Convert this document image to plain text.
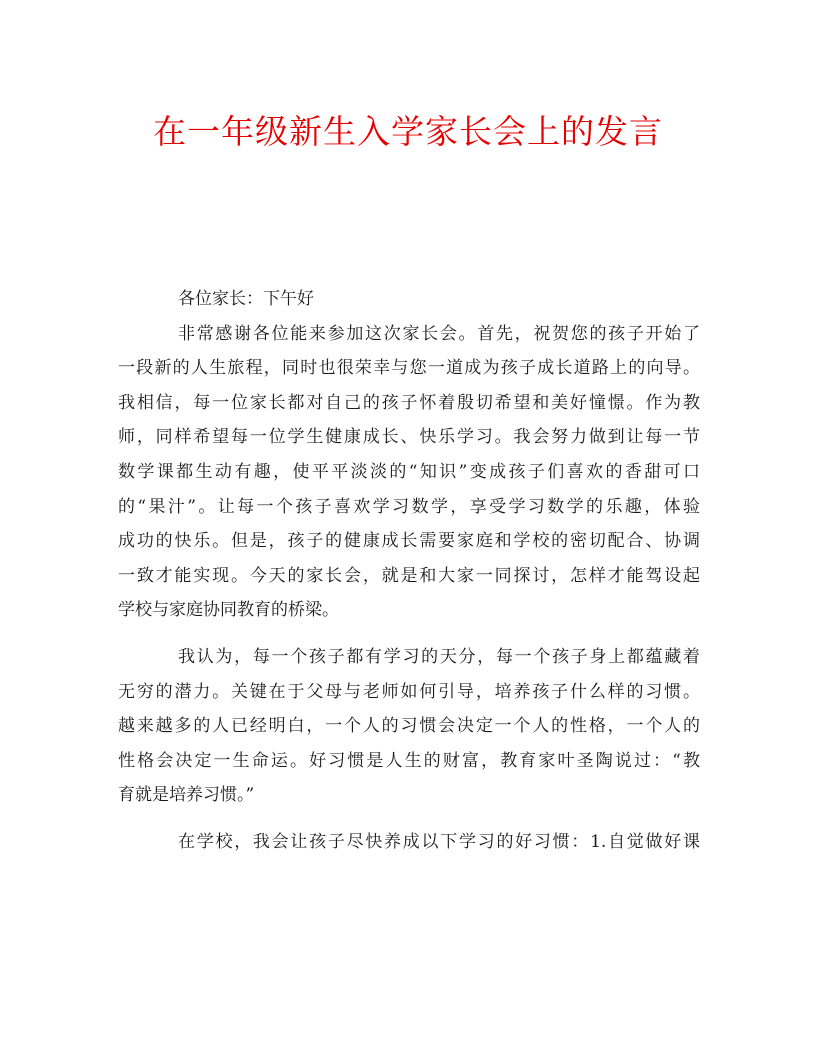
在一年级新生入学家长会上的发言

各位家长：下午好

非常感谢各位能来参加这次家长会。首先，祝贺您的孩子开始了
一段新的人生旅程，同时也很荣幸与您一道成为孩子成长道路上的向导。
我相信，每一位家长都对自己的孩子怀着殷切希望和美好憧憬。作为教
师，同样希望每一位学生健康成长、快乐学习。我会努力做到让每一节
数学课都生动有趣，使平平淡淡的“知识”变成孩子们喜欢的香甜可口
的“果汁”。让每一个孩子喜欢学习数学，享受学习数学的乐趣，体验
成功的快乐。但是，孩子的健康成长需要家庭和学校的密切配合、协调
一致才能实现。今天的家长会，就是和大家一同探讨，怎样才能驾设起
学校与家庭协同教育的桥梁。
我认为，每一个孩子都有学习的天分，每一个孩子身上都蕴藏着
无穷的潜力。关键在于父母与老师如何引导，培养孩子什么样的习惯。
越来越多的人已经明白，一个人的习惯会决定一个人的性格，一个人的
性格会决定一生命运。好习惯是人生的财富，教育家叶圣陶说过：“教
育就是培养习惯。”
在学校，我会让孩子尽快养成以下学习的好习惯：1.自觉做好课
